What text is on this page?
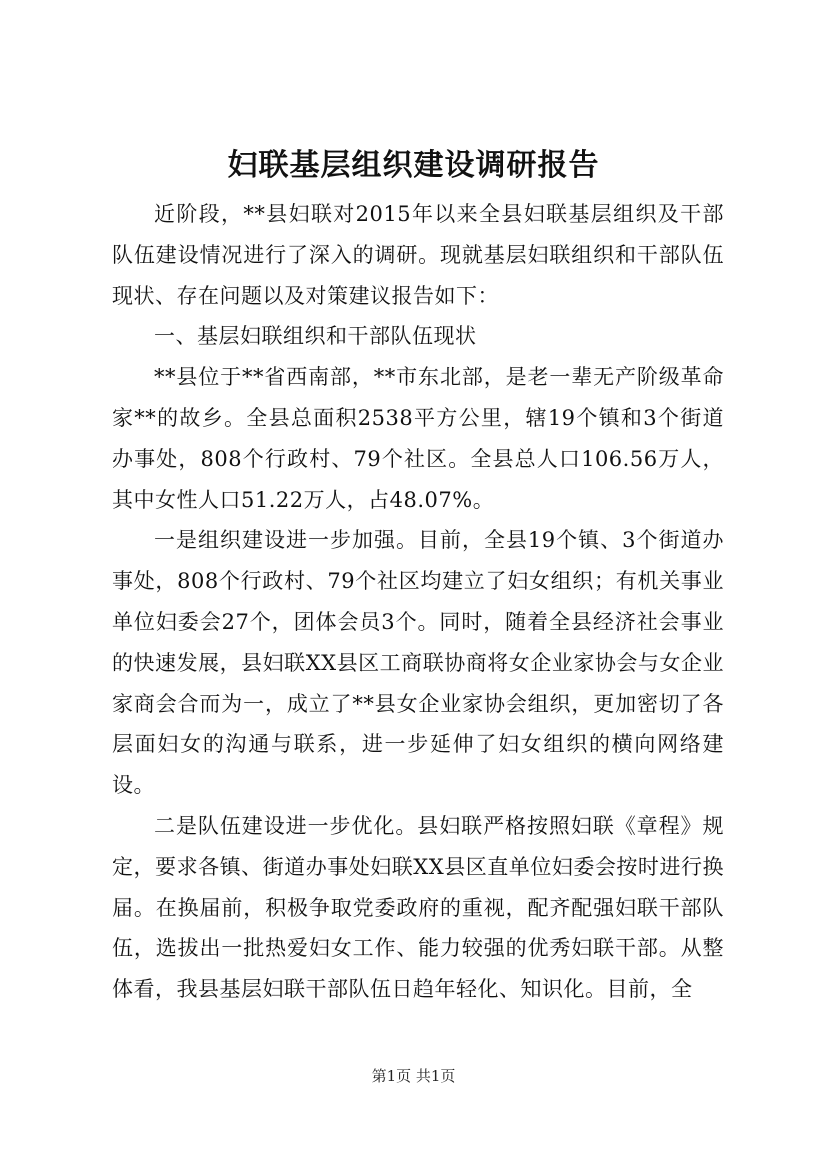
妇联基层组织建设调研报告

近阶段，**县妇联对2015年以来全县妇联基层组织及干部队伍建设情况进行了深入的调研。现就基层妇联组织和干部队伍现状、存在问题以及对策建议报告如下：

一、基层妇联组织和干部队伍现状

**县位于**省西南部，**市东北部，是老一辈无产阶级革命家**的故乡。全县总面积2538平方公里，辖19个镇和3个街道办事处，808个行政村、79个社区。全县总人口106.56万人，其中女性人口51.22万人，占48.07%。

一是组织建设进一步加强。目前，全县19个镇、3个街道办事处，808个行政村、79个社区均建立了妇女组织；有机关事业单位妇委会27个，团体会员3个。同时，随着全县经济社会事业的快速发展，县妇联XX县区工商联协商将女企业家协会与女企业家商会合而为一，成立了**县女企业家协会组织，更加密切了各层面妇女的沟通与联系，进一步延伸了妇女组织的横向网络建设。

二是队伍建设进一步优化。县妇联严格按照妇联《章程》规定，要求各镇、街道办事处妇联XX县区直单位妇委会按时进行换届。在换届前，积极争取党委政府的重视，配齐配强妇联干部队伍，选拔出一批热爱妇女工作、能力较强的优秀妇联干部。从整体看，我县基层妇联干部队伍日趋年轻化、知识化。目前，全

第1页 共1页
